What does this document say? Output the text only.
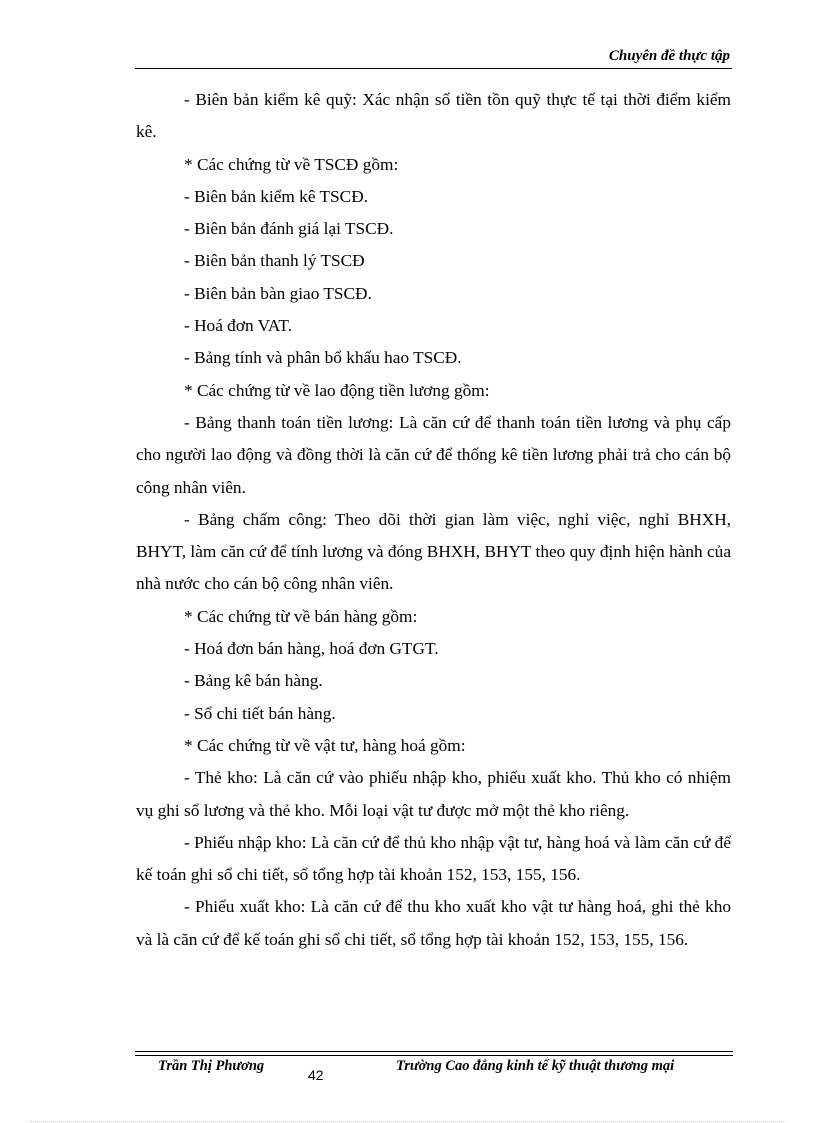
Chuyên đề thực tập

- Biên bản kiểm kê quỹ: Xác nhận số tiền tồn quỹ thực tế tại thời điểm kiểm kê.

* Các chứng từ về TSCĐ gồm:

- Biên bản kiểm kê TSCĐ.

- Biên bản đánh giá lại TSCĐ.

- Biên bản thanh lý TSCĐ

- Biên bản bàn giao TSCĐ.

- Hoá đơn VAT.

- Bảng tính và phân bổ khấu hao TSCĐ.

* Các chứng từ về lao động tiền lương gồm:

- Bảng thanh toán tiền lương: Là căn cứ để thanh toán tiền lương và phụ cấp cho người lao động và đồng thời là căn cứ để thống kê tiền lương phải trả cho cán bộ công nhân viên.

- Bảng chấm công: Theo dõi thời gian làm việc, nghỉ việc, nghỉ BHXH, BHYT, làm căn cứ để tính lương và đóng BHXH, BHYT theo quy định hiện hành của nhà nước cho cán bộ công nhân viên.

* Các chứng từ về bán hàng gồm:

- Hoá đơn bán hàng, hoá đơn GTGT.

- Bảng kê bán hàng.

- Sổ chi tiết bán hàng.

* Các chứng từ về vật tư, hàng hoá gồm:

- Thẻ kho: Là căn cứ vào phiếu nhập kho, phiếu xuất kho. Thủ kho có nhiệm vụ ghi sổ lương và thẻ kho. Mỗi loại vật tư được mở một thẻ kho riêng.

- Phiếu nhập kho: Là căn cứ để thủ kho nhập vật tư, hàng hoá và làm căn cứ để kế toán ghi sổ chi tiết, sổ tổng hợp tài khoản 152, 153, 155, 156.

- Phiếu xuất kho: Là căn cứ để thu kho xuất kho vật tư hàng hoá, ghi thẻ kho và là căn cứ để kế toán ghi sổ chi tiết, sổ tổng hợp tài khoản 152, 153, 155, 156.

Trần Thị Phương
42
Trường Cao đẳng kinh tế kỹ thuật thương mại
